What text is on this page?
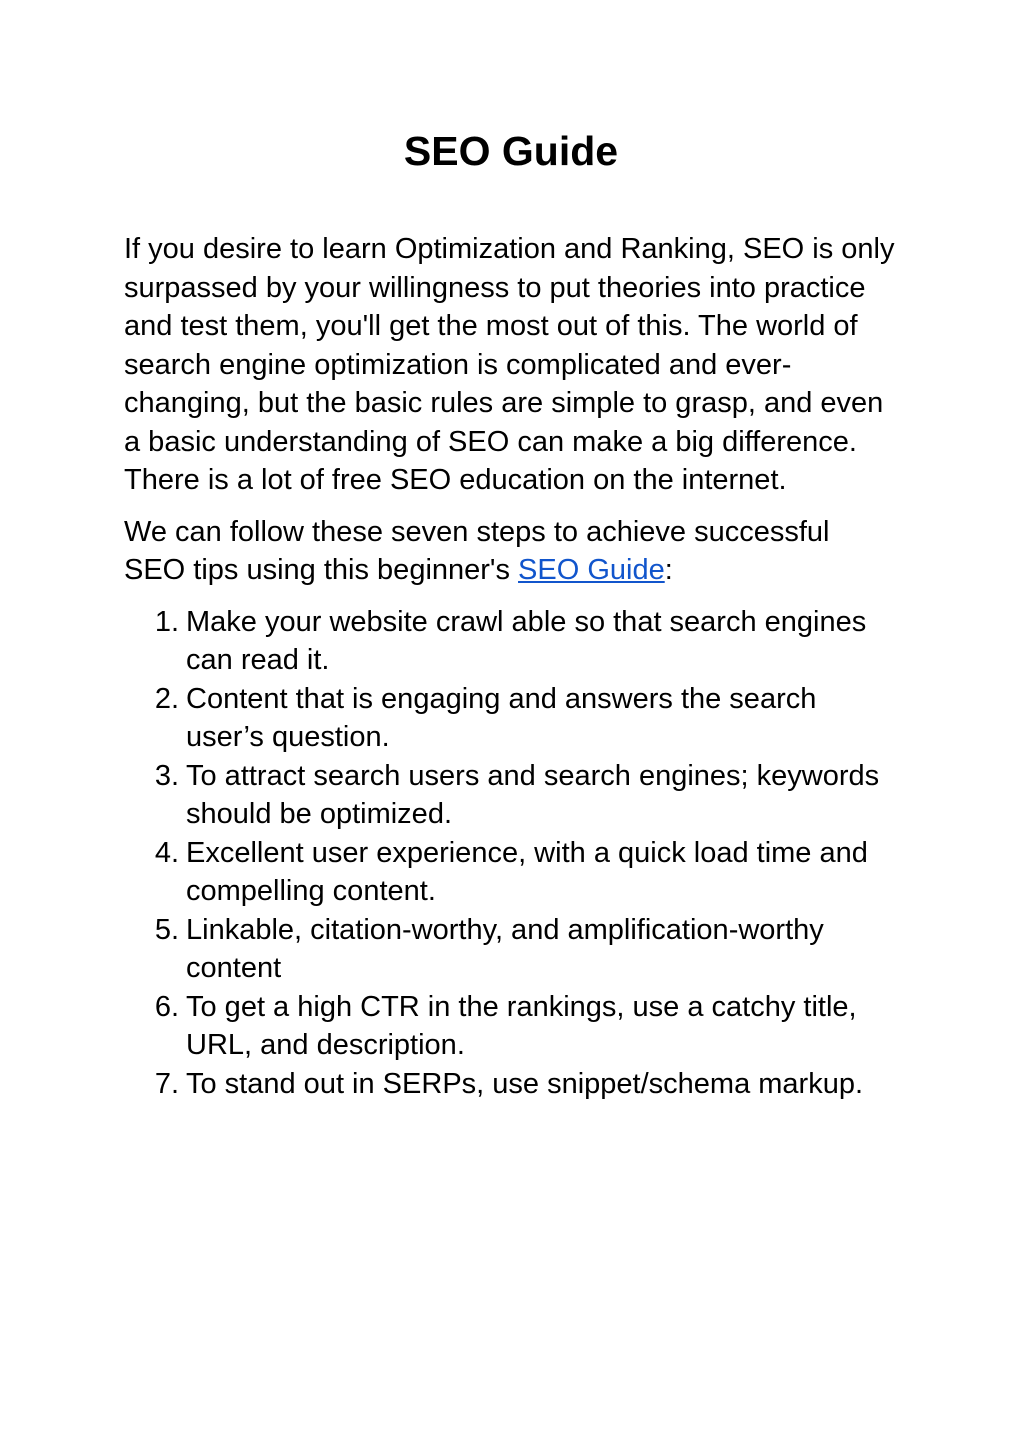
SEO Guide

If you desire to learn Optimization and Ranking, SEO is only surpassed by your willingness to put theories into practice and test them, you'll get the most out of this. The world of search engine optimization is complicated and ever-changing, but the basic rules are simple to grasp, and even a basic understanding of SEO can make a big difference. There is a lot of free SEO education on the internet.

We can follow these seven steps to achieve successful SEO tips using this beginner's SEO Guide:

1. Make your website crawl able so that search engines can read it.
2. Content that is engaging and answers the search user’s question.
3. To attract search users and search engines; keywords should be optimized.
4. Excellent user experience, with a quick load time and compelling content.
5. Linkable, citation-worthy, and amplification-worthy content
6. To get a high CTR in the rankings, use a catchy title, URL, and description.
7. To stand out in SERPs, use snippet/schema markup.
